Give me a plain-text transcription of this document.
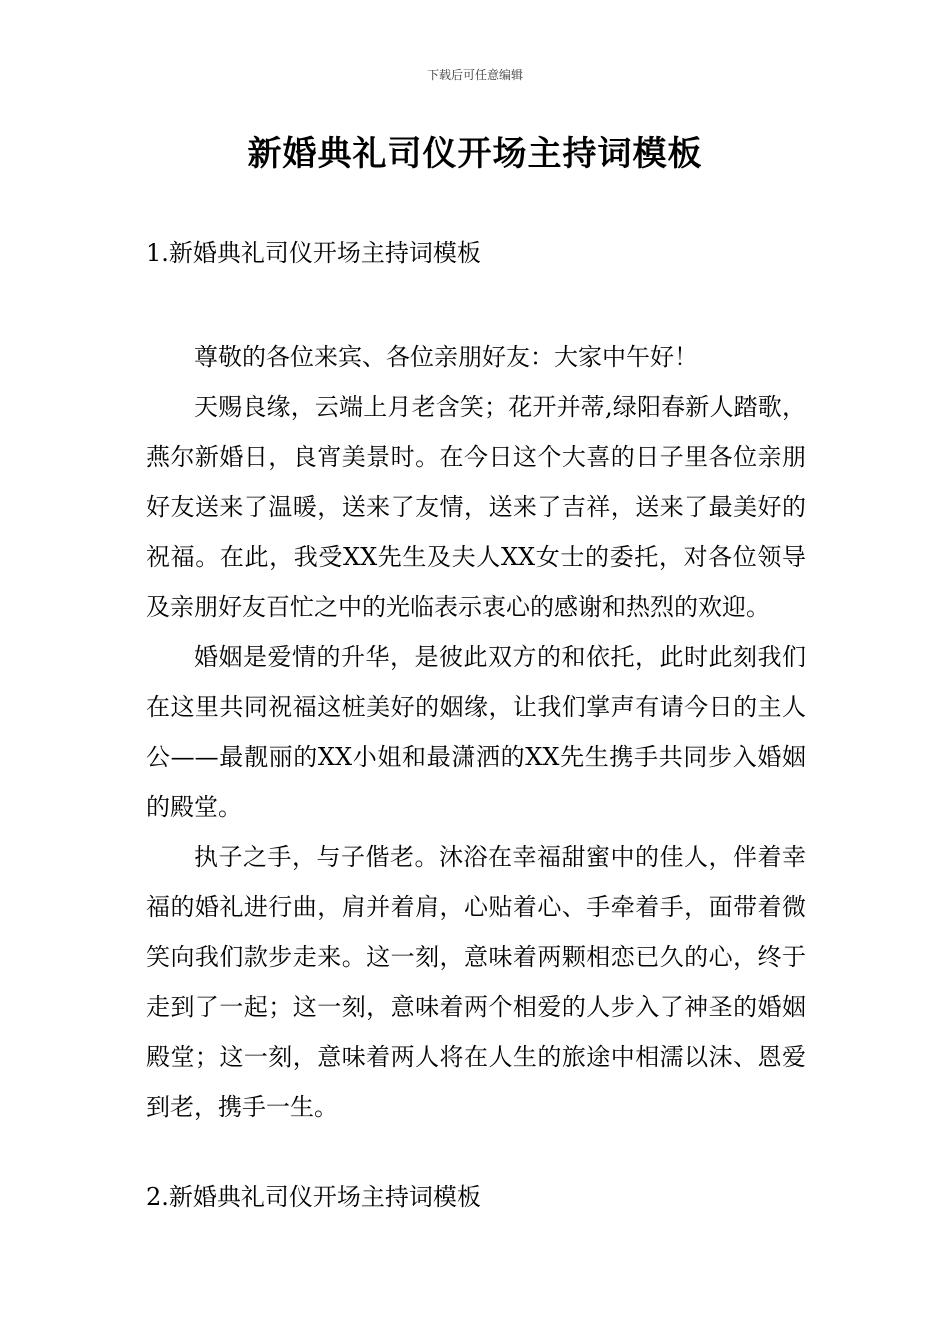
下载后可任意编辑
新婚典礼司仪开场主持词模板
1.新婚典礼司仪开场主持词模板

尊敬的各位来宾、各位亲朋好友：大家中午好！

天赐良缘，云端上月老含笑；花开并蒂,绿阳春新人踏歌，燕尔新婚日，良宵美景时。在今日这个大喜的日子里各位亲朋好友送来了温暖，送来了友情，送来了吉祥，送来了最美好的祝福。在此，我受XX先生及夫人XX女士的委托，对各位领导及亲朋好友百忙之中的光临表示衷心的感谢和热烈的欢迎。

婚姻是爱情的升华，是彼此双方的和依托，此时此刻我们在这里共同祝福这桩美好的姻缘，让我们掌声有请今日的主人公——最靓丽的XX小姐和最潇洒的XX先生携手共同步入婚姻的殿堂。

执子之手，与子偕老。沐浴在幸福甜蜜中的佳人，伴着幸福的婚礼进行曲，肩并着肩，心贴着心、手牵着手，面带着微笑向我们款步走来。这一刻，意味着两颗相恋已久的心，终于走到了一起；这一刻，意味着两个相爱的人步入了神圣的婚姻殿堂；这一刻，意味着两人将在人生的旅途中相濡以沫、恩爱到老，携手一生。

2.新婚典礼司仪开场主持词模板
